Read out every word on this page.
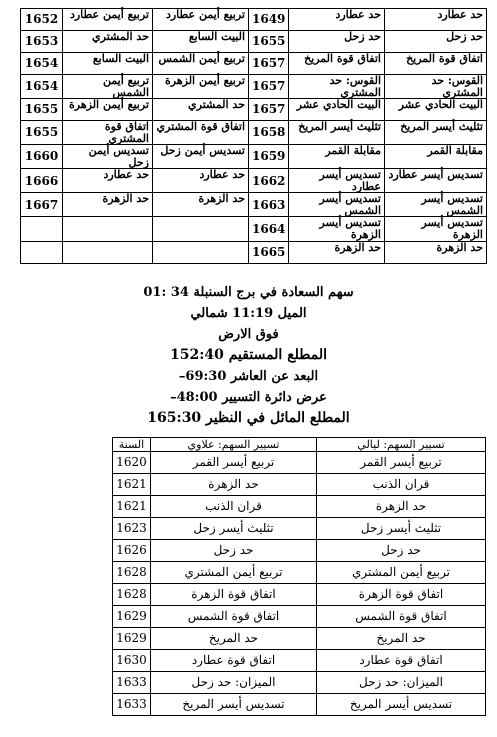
1652	تربيع أيمن عطارد	تربيع أيمن عطارد	1649	حد عطارد	حد عطارد
1653	حد المشتري	البيت السابع	1655	حد زحل	حد زحل
1654	البيت السابع	تربيع أيمن الشمس	1657	اتفاق قوة المريخ	اتفاق قوة المريخ
1654	تربيع أيمن الشمس	تربيع أيمن الزهرة	1657	القوس: حد المشتري	القوس: حد المشتري
1655	تربيع أيمن الزهرة	حد المشتري	1657	البيت الحادي عشر	البيت الحادي عشر
1655	اتفاق قوة المشتري	اتفاق قوة المشتري	1658	تثليث أيسر المريخ	تثليث أيسر المريخ
1660	تسديس أيمن زحل	تسديس أيمن زحل	1659	مقابلة القمر	مقابلة القمر
1666	حد عطارد	حد عطارد	1662	تسديس أيسر عطارد	تسديس أيسر عطارد
1667	حد الزهرة	حد الزهرة	1663	تسديس أيسر الشمس	تسديس أيسر الشمس
			1664	تسديس أيسر الزهرة	تسديس أيسر الزهرة
			1665	حد الزهرة	حد الزهرة
سهم السعادة في برج السنبلة 34 :01
الميل 11:19 شمالي
فوق الارض
المطلع المستقيم 152:40
البعد عن العاشر 69:30–
عرض دائرة التسيير 48:00–
المطلع المائل في النظير 165:30
السنة	تسيير السهم: علاوي	تسيير السهم: ليالي
1620	تربيع أيسر القمر	تربيع أيسر القمر
1621	حد الزهرة	قران الذنب
1621	قران الذنب	حد الزهرة
1623	تثليث أيسر زحل	تثليث أيسر زحل
1626	حد زحل	حد زحل
1628	تربيع أيمن المشتري	تربيع أيمن المشتري
1628	اتفاق قوة الزهرة	اتفاق قوة الزهرة
1629	اتفاق قوة الشمس	اتفاق قوة الشمس
1629	حد المريخ	حد المريخ
1630	اتفاق قوة عطارد	اتفاق قوة عطارد
1633	الميزان: حد زحل	الميزان: حد زحل
1633	تسديس أيسر المريخ	تسديس أيسر المريخ
